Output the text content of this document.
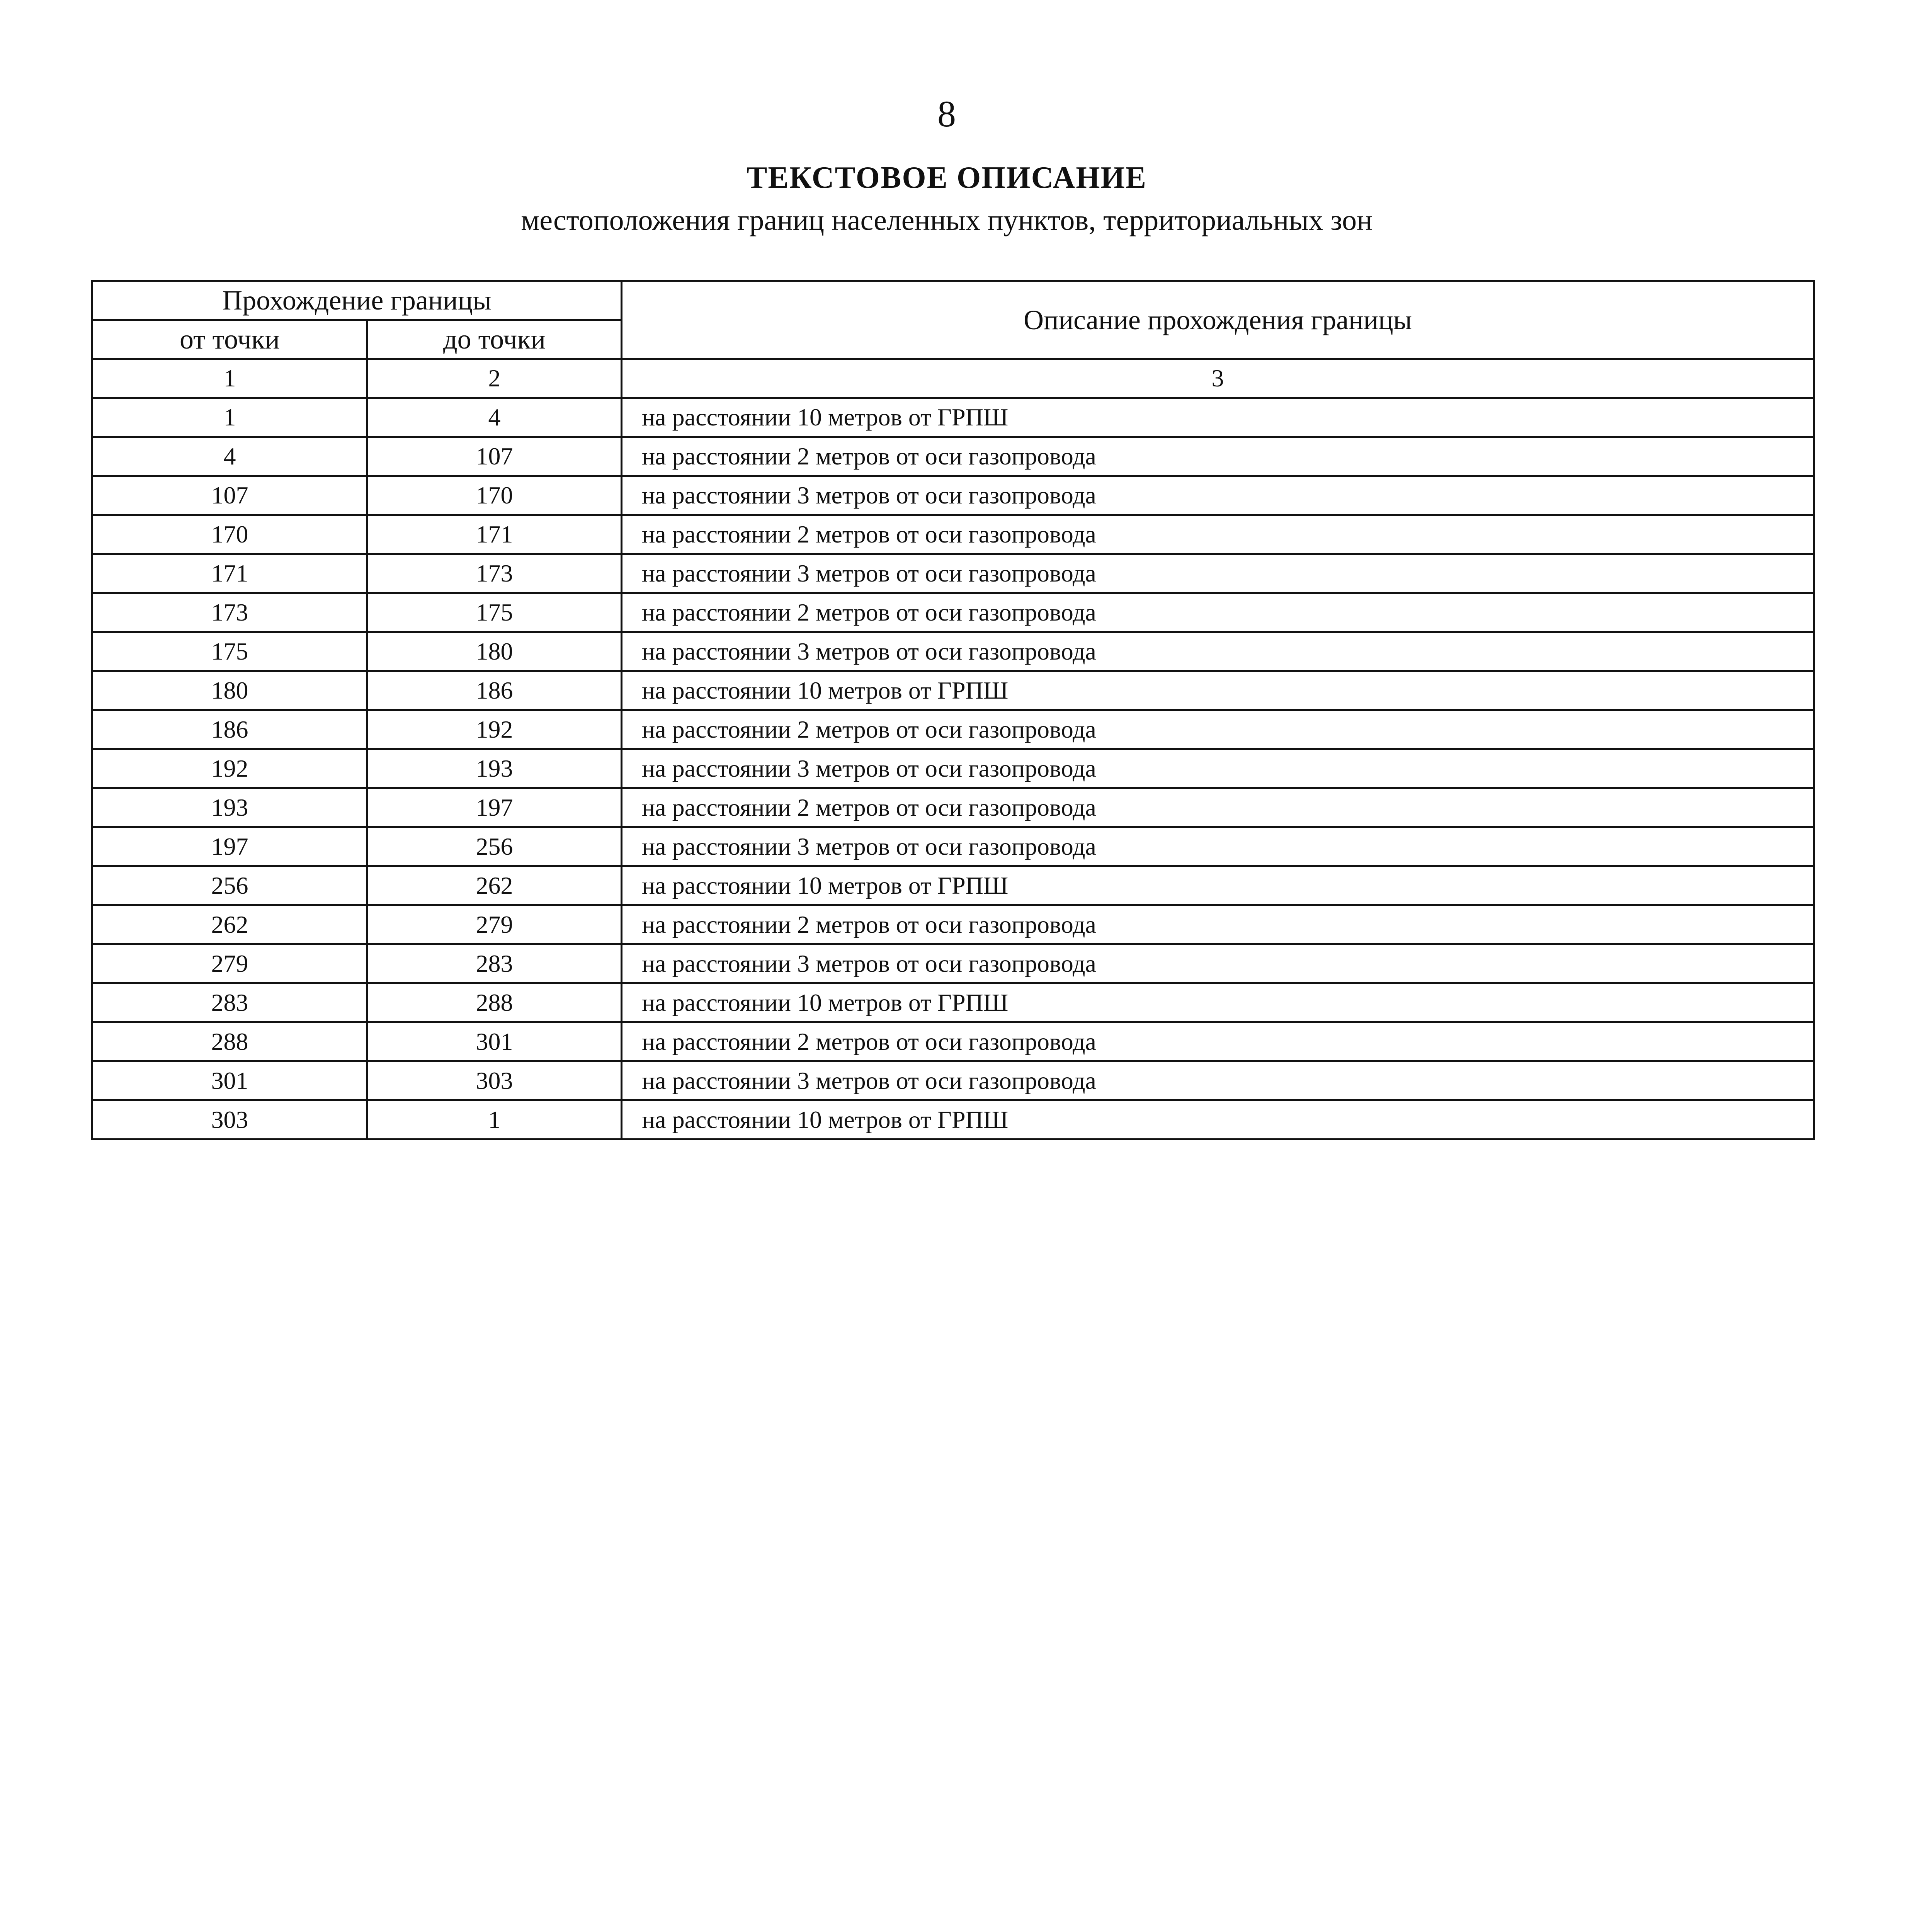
8
ТЕКСТОВОЕ ОПИСАНИЕ
местоположения границ населенных пунктов, территориальных зон
Прохождение границы		Описание прохождения границы
от точки	до точки	
1	2	3
1	4	на расстоянии 10 метров от ГРПШ
4	107	на расстоянии 2 метров от оси газопровода
107	170	на расстоянии 3 метров от оси газопровода
170	171	на расстоянии 2 метров от оси газопровода
171	173	на расстоянии 3 метров от оси газопровода
173	175	на расстоянии 2 метров от оси газопровода
175	180	на расстоянии 3 метров от оси газопровода
180	186	на расстоянии 10 метров от ГРПШ
186	192	на расстоянии 2 метров от оси газопровода
192	193	на расстоянии 3 метров от оси газопровода
193	197	на расстоянии 2 метров от оси газопровода
197	256	на расстоянии 3 метров от оси газопровода
256	262	на расстоянии 10 метров от ГРПШ
262	279	на расстоянии 2 метров от оси газопровода
279	283	на расстоянии 3 метров от оси газопровода
283	288	на расстоянии 10 метров от ГРПШ
288	301	на расстоянии 2 метров от оси газопровода
301	303	на расстоянии 3 метров от оси газопровода
303	1	на расстоянии 10 метров от ГРПШ
